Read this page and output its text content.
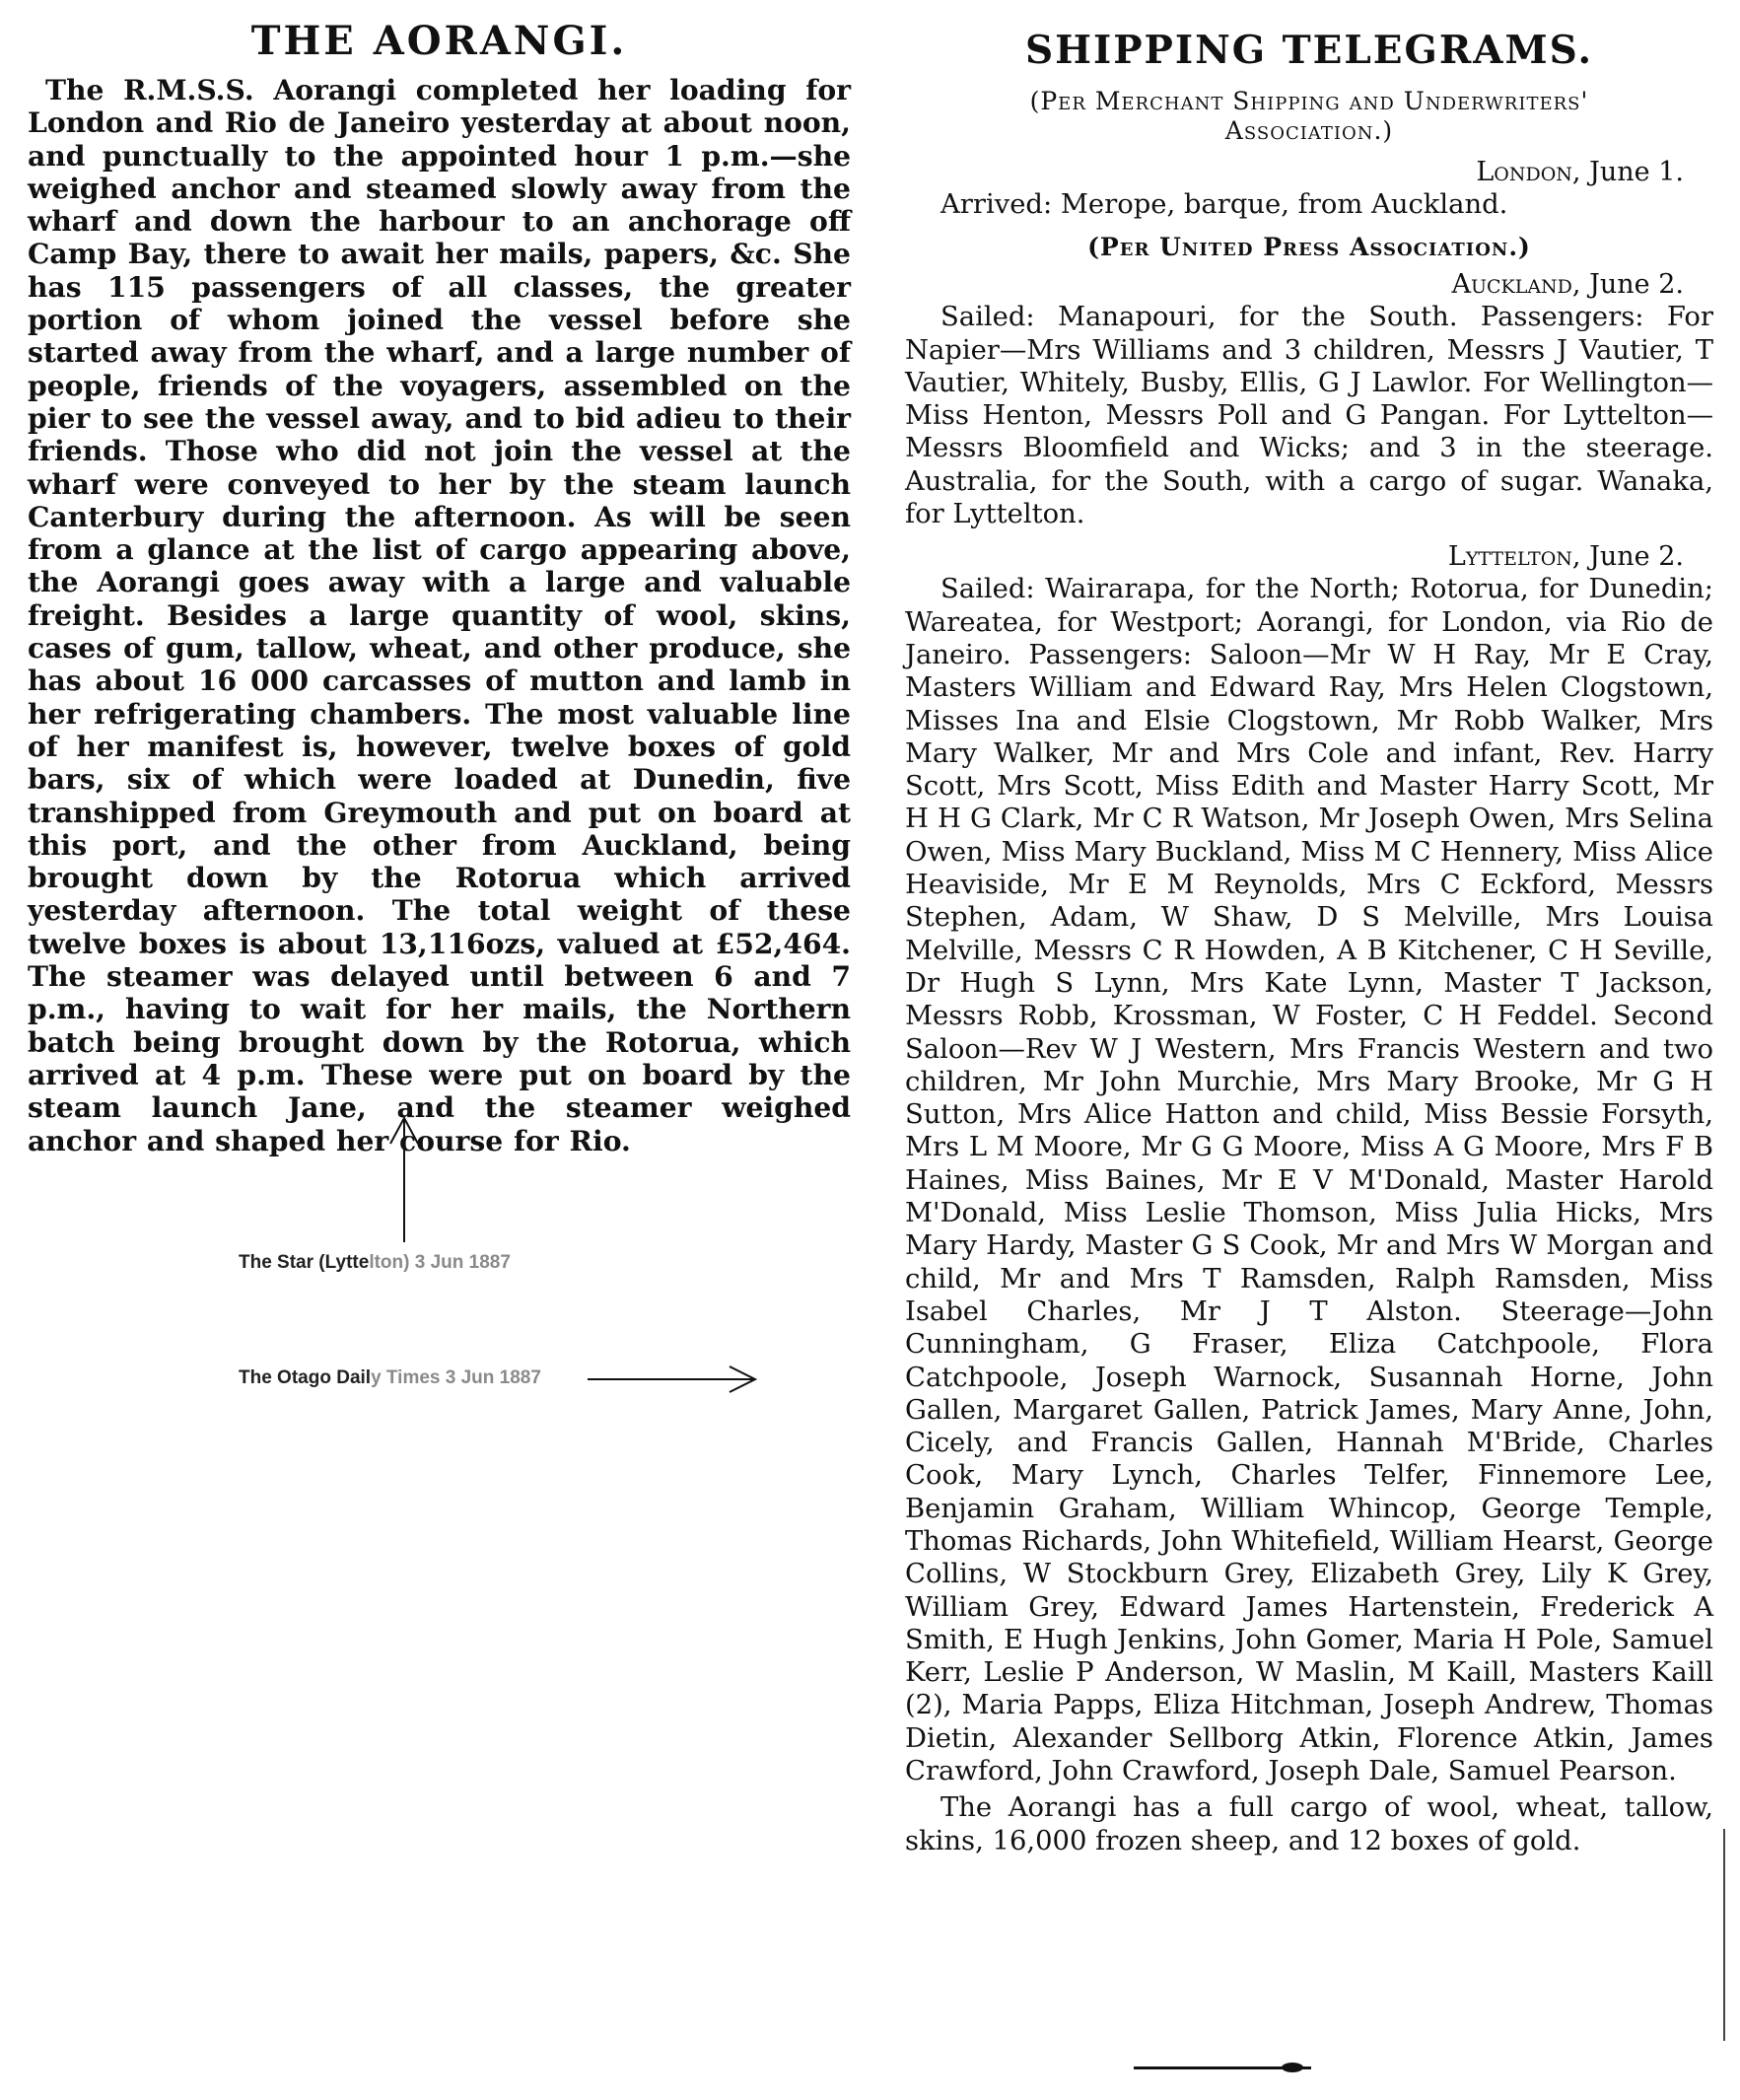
THE AORANGI.

The R.M.S.S. Aorangi completed her loading for London and Rio de Janeiro yesterday at about noon, and punctually to the appointed hour 1 p.m.—she weighed anchor and steamed slowly away from the wharf and down the harbour to an anchorage off Camp Bay, there to await her mails, papers, &c. She has 115 passengers of all classes, the greater portion of whom joined the vessel before she started away from the wharf, and a large number of people, friends of the voyagers, assembled on the pier to see the vessel away, and to bid adieu to their friends. Those who did not join the vessel at the wharf were conveyed to her by the steam launch Canterbury during the afternoon. As will be seen from a glance at the list of cargo appearing above, the Aorangi goes away with a large and valuable freight. Besides a large quantity of wool, skins, cases of gum, tallow, wheat, and other produce, she has about 16 000 carcasses of mutton and lamb in her refrigerating chambers. The most valuable line of her manifest is, however, twelve boxes of gold bars, six of which were loaded at Dunedin, five transhipped from Greymouth and put on board at this port, and the other from Auckland, being brought down by the Rotorua which arrived yesterday afternoon. The total weight of these twelve boxes is about 13,116ozs, valued at £52,464. The steamer was delayed until between 6 and 7 p.m., having to wait for her mails, the Northern batch being brought down by the Rotorua, which arrived at 4 p.m. These were put on board by the steam launch Jane, and the steamer weighed anchor and shaped her course for Rio.

The Star (Lyttelton) 3 Jun 1887
The Otago Daily Times 3 Jun 1887
SHIPPING TELEGRAMS.

(Per Merchant Shipping and Underwriters'

Association.)

London, June 1.

Arrived: Merope, barque, from Auckland.

(Per United Press Association.)

Auckland, June 2.

Sailed: Manapouri, for the South. Passengers: For Napier—Mrs Williams and 3 children, Messrs J Vautier, T Vautier, Whitely, Busby, Ellis, G J Lawlor. For Wellington—Miss Henton, Messrs Poll and G Pangan. For Lyttelton—Messrs Bloomfield and Wicks; and 3 in the steerage. Australia, for the South, with a cargo of sugar. Wanaka, for Lyttelton.

Lyttelton, June 2.

Sailed: Wairarapa, for the North; Rotorua, for Dunedin; Wareatea, for Westport; Aorangi, for London, via Rio de Janeiro. Passengers: Saloon—Mr W H Ray, Mr E Cray, Masters William and Edward Ray, Mrs Helen Clogstown, Misses Ina and Elsie Clogstown, Mr Robb Walker, Mrs Mary Walker, Mr and Mrs Cole and infant, Rev. Harry Scott, Mrs Scott, Miss Edith and Master Harry Scott, Mr H H G Clark, Mr C R Watson, Mr Joseph Owen, Mrs Selina Owen, Miss Mary Buckland, Miss M C Hennery, Miss Alice Heaviside, Mr E M Reynolds, Mrs C Eckford, Messrs Stephen, Adam, W Shaw, D S Melville, Mrs Louisa Melville, Messrs C R Howden, A B Kitchener, C H Seville, Dr Hugh S Lynn, Mrs Kate Lynn, Master T Jackson, Messrs Robb, Krossman, W Foster, C H Feddel. Second Saloon—Rev W J Western, Mrs Francis Western and two children, Mr John Murchie, Mrs Mary Brooke, Mr G H Sutton, Mrs Alice Hatton and child, Miss Bessie Forsyth, Mrs L M Moore, Mr G G Moore, Miss A G Moore, Mrs F B Haines, Miss Baines, Mr E V M'Donald, Master Harold M'Donald, Miss Leslie Thomson, Miss Julia Hicks, Mrs Mary Hardy, Master G S Cook, Mr and Mrs W Morgan and child, Mr and Mrs T Ramsden, Ralph Ramsden, Miss Isabel Charles, Mr J T Alston. Steerage—John Cunningham, G Fraser, Eliza Catchpoole, Flora Catchpoole, Joseph Warnock, Susannah Horne, John Gallen, Margaret Gallen, Patrick James, Mary Anne, John, Cicely, and Francis Gallen, Hannah M'Bride, Charles Cook, Mary Lynch, Charles Telfer, Finnemore Lee, Benjamin Graham, William Whincop, George Temple, Thomas Richards, John Whitefield, William Hearst, George Collins, W Stockburn Grey, Elizabeth Grey, Lily K Grey, William Grey, Edward James Hartenstein, Frederick A Smith, E Hugh Jenkins, John Gomer, Maria H Pole, Samuel Kerr, Leslie P Anderson, W Maslin, M Kaill, Masters Kaill (2), Maria Papps, Eliza Hitchman, Joseph Andrew, Thomas Dietin, Alexander Sellborg Atkin, Florence Atkin, James Crawford, John Crawford, Joseph Dale, Samuel Pearson.

The Aorangi has a full cargo of wool, wheat, tallow, skins, 16,000 frozen sheep, and 12 boxes of gold.
